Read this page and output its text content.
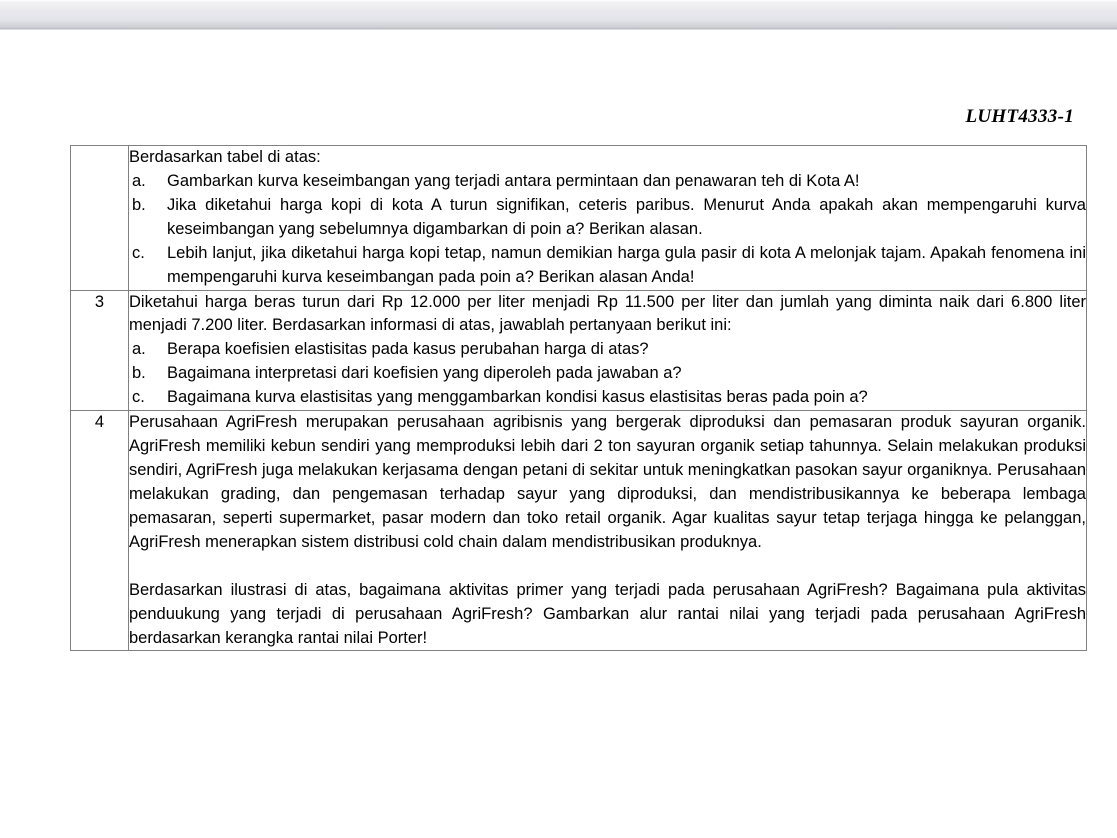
LUHT4333-1

Berdasarkan tabel di atas:

a.	Gambarkan kurva keseimbangan yang terjadi antara permintaan dan penawaran teh di Kota A!
b.	Jika diketahui harga kopi di kota A turun signifikan, ceteris paribus. Menurut Anda apakah akan mempengaruhi kurva keseimbangan yang sebelumnya digambarkan di poin a? Berikan alasan.
c.	Lebih lanjut, jika diketahui harga kopi tetap, namun demikian harga gula pasir di kota A melonjak tajam. Apakah fenomena ini mempengaruhi kurva keseimbangan pada poin a? Berikan alasan Anda!

3	Diketahui harga beras turun dari Rp 12.000 per liter menjadi Rp 11.500 per liter dan jumlah yang diminta naik dari 6.800 liter menjadi 7.200 liter. Berdasarkan informasi di atas, jawablah pertanyaan berikut ini:

a.	Berapa koefisien elastisitas pada kasus perubahan harga di atas?
b.	Bagaimana interpretasi dari koefisien yang diperoleh pada jawaban a?
c.	Bagaimana kurva elastisitas yang menggambarkan kondisi kasus elastisitas beras pada poin a?

4	Perusahaan AgriFresh merupakan perusahaan agribisnis yang bergerak diproduksi dan pemasaran produk sayuran organik. AgriFresh memiliki kebun sendiri yang memproduksi lebih dari 2 ton sayuran organik setiap tahunnya. Selain melakukan produksi sendiri, AgriFresh juga melakukan kerjasama dengan petani di sekitar untuk meningkatkan pasokan sayur organiknya. Perusahaan melakukan grading, dan pengemasan terhadap sayur yang diproduksi, dan mendistribusikannya ke beberapa lembaga pemasaran, seperti supermarket, pasar modern dan toko retail organik. Agar kualitas sayur tetap terjaga hingga ke pelanggan, AgriFresh menerapkan sistem distribusi cold chain dalam mendistribusikan produknya.

Berdasarkan ilustrasi di atas, bagaimana aktivitas primer yang terjadi pada perusahaan AgriFresh? Bagaimana pula aktivitas penduukung yang terjadi di perusahaan AgriFresh? Gambarkan alur rantai nilai yang terjadi pada perusahaan AgriFresh berdasarkan kerangka rantai nilai Porter!
